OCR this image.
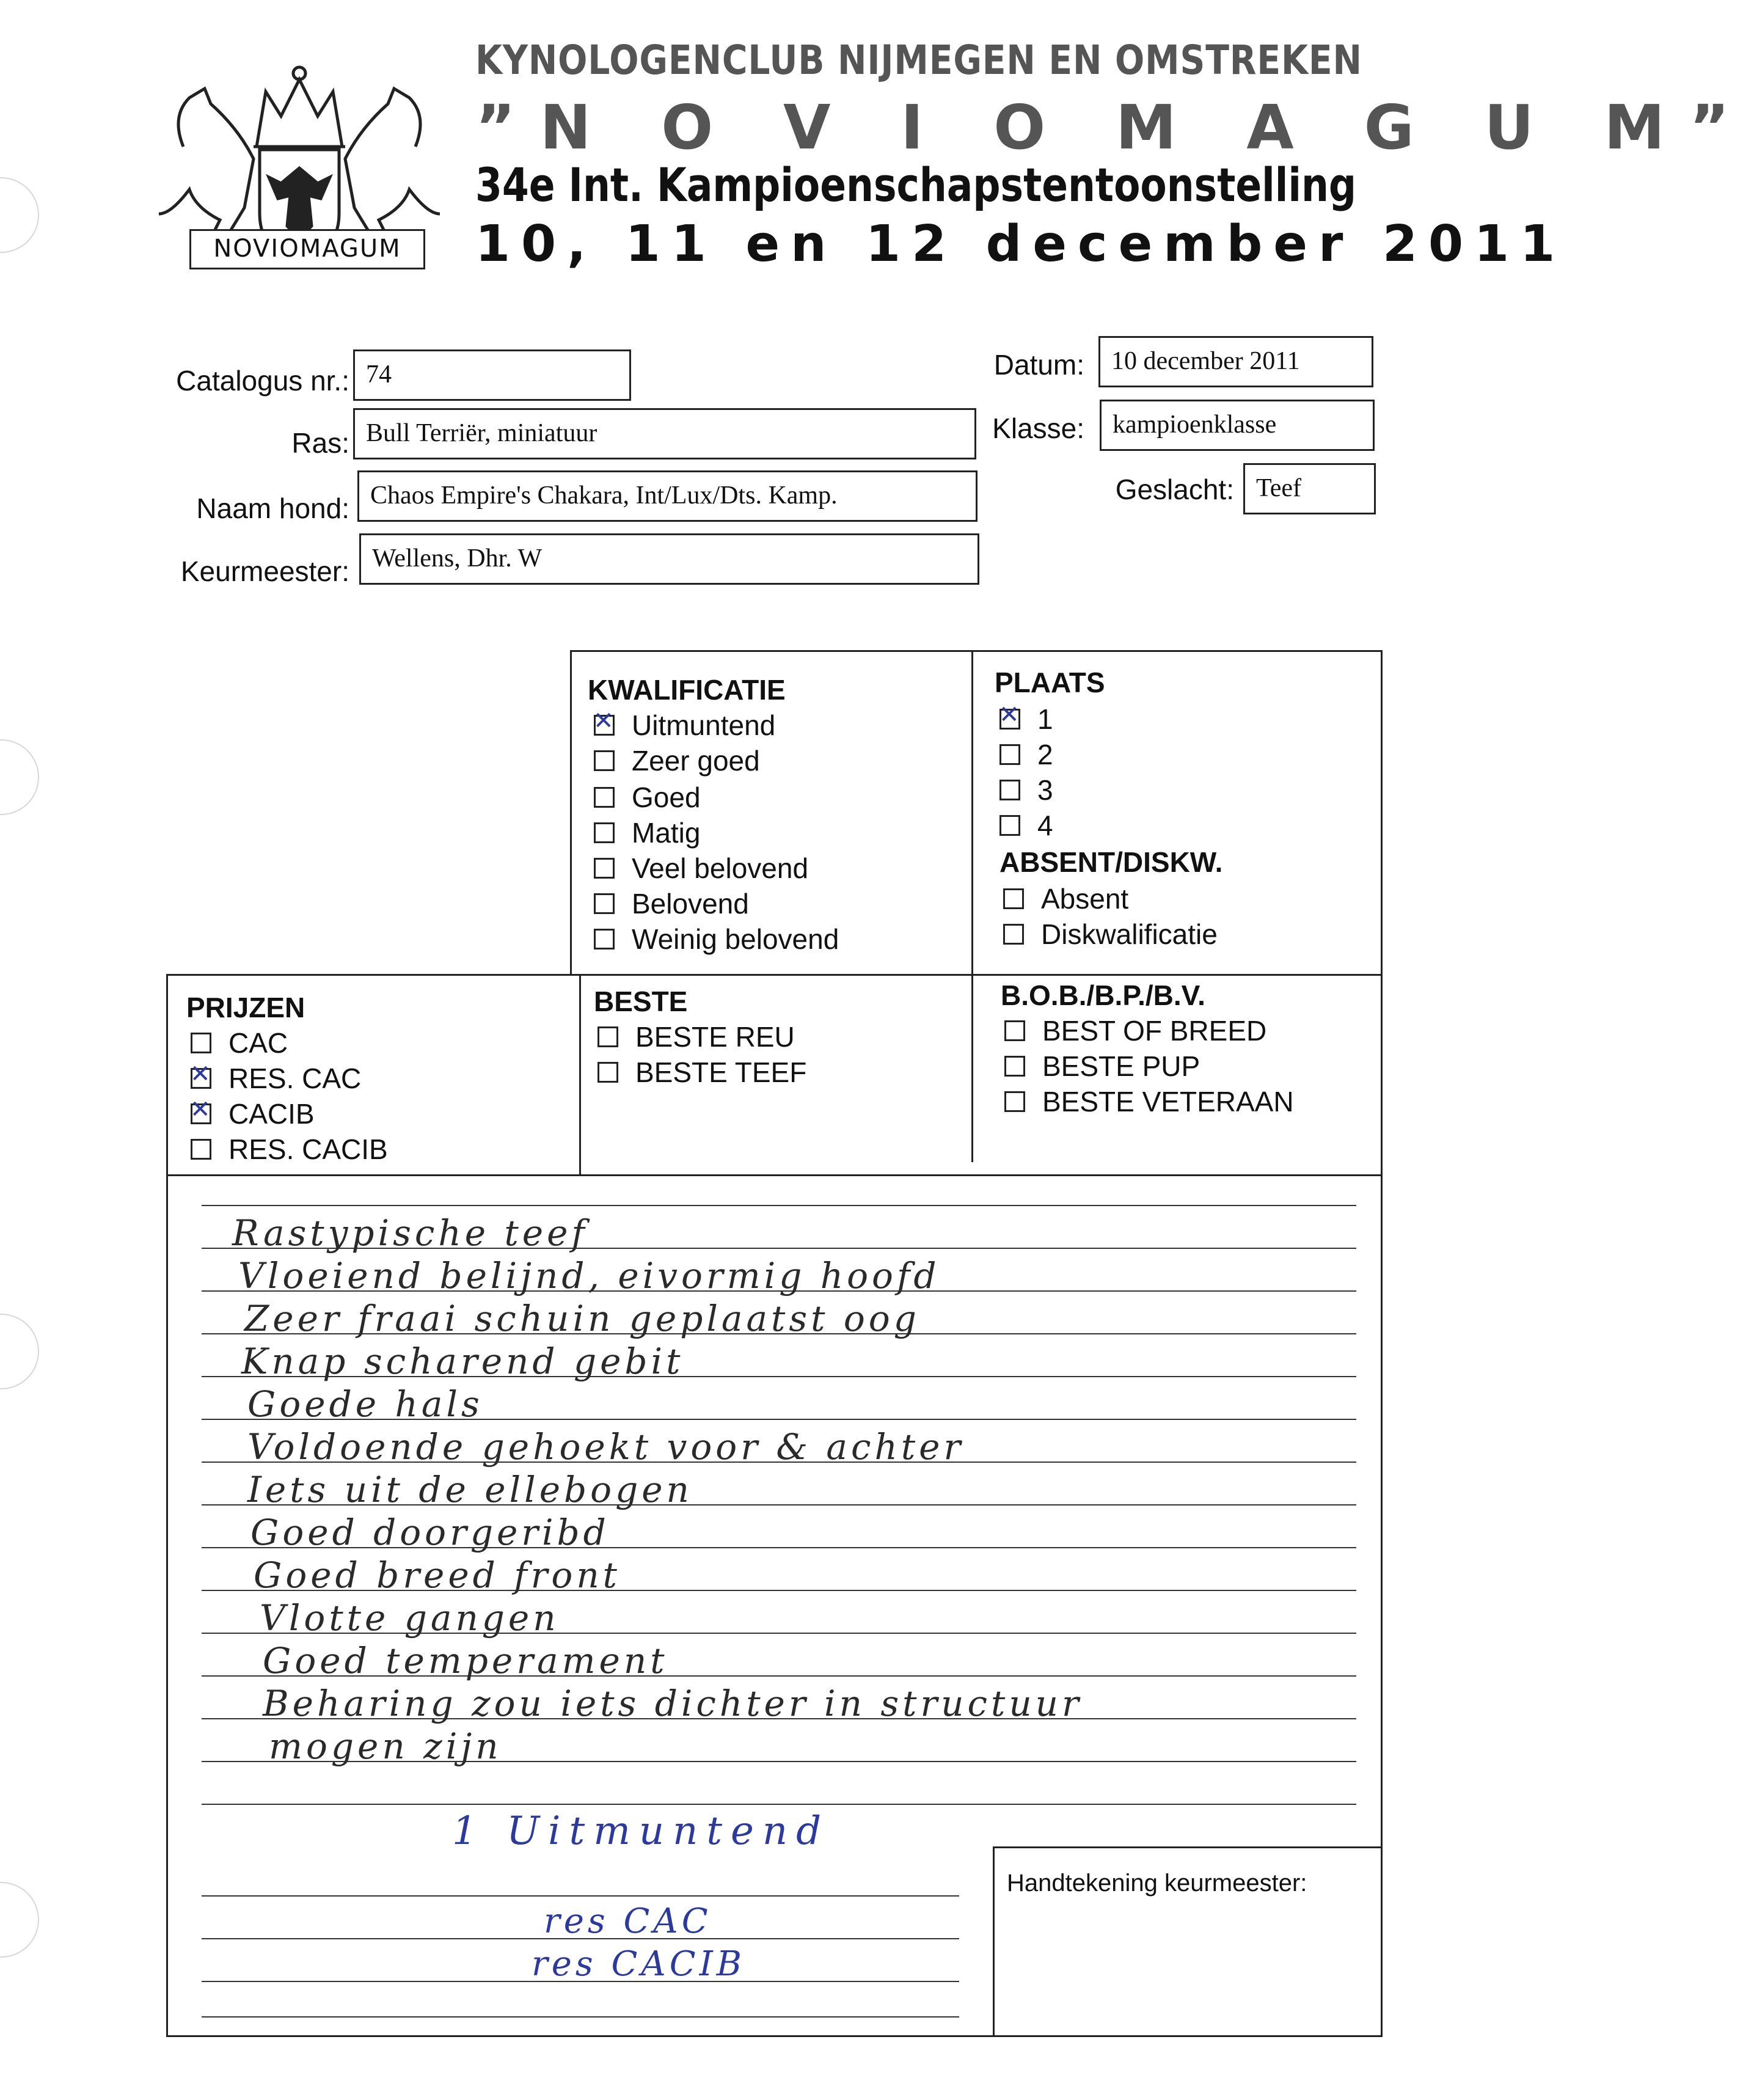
NOVIOMAGUM
KYNOLOGENCLUB NIJMEGEN EN OMSTREKEN
”N O V I O M A G U M”
34e Int. Kampioenschapstentoonstelling
10, 11 en 12 december 2011
Catalogus nr.: 74
Ras: Bull Terriër, miniatuur
Naam hond: Chaos Empire's Chakara, Int/Lux/Dts. Kamp.
Keurmeester: Wellens, Dhr. W
Datum:	10 december 2011
Klasse:	kampioenklasse
Geslacht: Teef
KWALIFICATIE
✕
Uitmuntend
Zeer goed
Goed
Matig
Veel belovend
Belovend
Weinig belovend
PLAATS
✕
1
2
3
4
ABSENT/DISKW.
Absent
Diskwalificatie
PRIJZEN
CAC
✕
RES. CAC
✕
CACIB
RES. CACIB
BESTE
BESTE REU
BESTE TEEF
B.O.B./B.P./B.V.
BEST OF BREED
BESTE PUP
BESTE VETERAAN
Rastypische teef
Vloeiend belijnd, eivormig hoofd
Zeer fraai schuin geplaatst oog
Knap scharend gebit
Goede hals
Voldoende gehoekt voor & achter
Iets uit de ellebogen
Goed doorgeribd
Goed breed front
Vlotte gangen
Goed temperament
Beharing zou iets dichter in structuur
mogen zijn
1 Uitmuntend
res CAC
res CACIB
Handtekening keurmeester:
